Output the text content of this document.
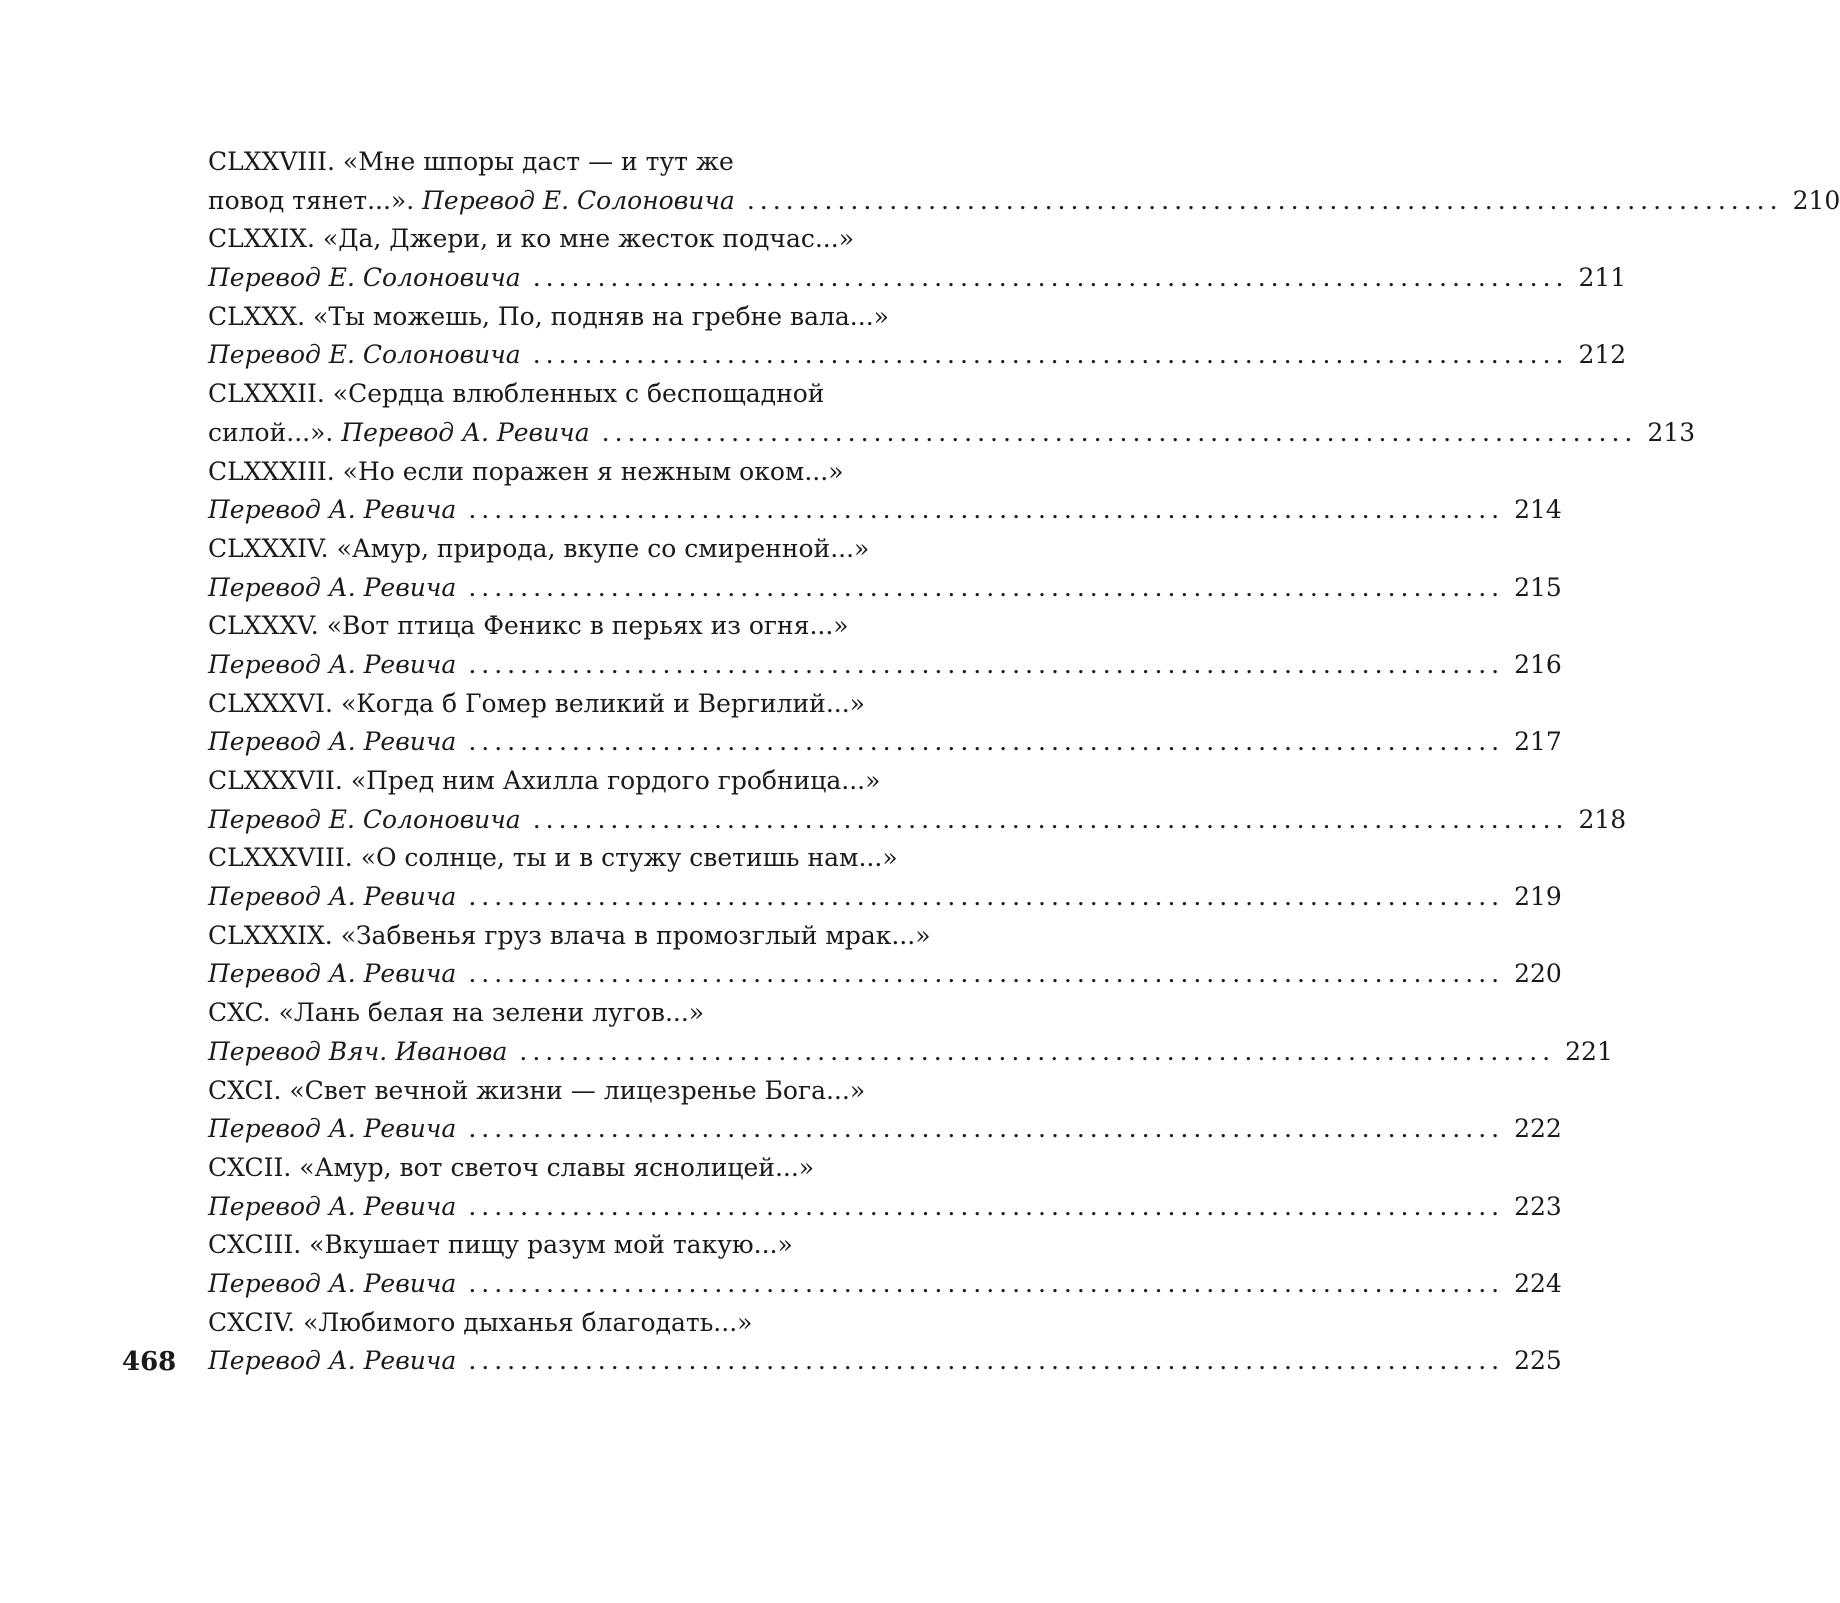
CLXXVIII. «Мне шпоры даст — и тут же
повод тянет...». Перевод Е. Солоновича ................................................................................ 210
CLXXIX. «Да, Джери, и ко мне жесток подчас...»
Перевод Е. Солоновича ................................................................................ 211
CLXXX. «Ты можешь, По, подняв на гребне вала...»
Перевод Е. Солоновича ................................................................................ 212
CLXXXII. «Сердца влюбленных с беспощадной
силой...». Перевод А. Ревича ................................................................................ 213
CLXXXIII. «Но если поражен я нежным оком...»
Перевод А. Ревича ................................................................................ 214
CLXXXIV. «Амур, природа, вкупе со смиренной...»
Перевод А. Ревича ................................................................................ 215
CLXXXV. «Вот птица Феникс в перьях из огня...»
Перевод А. Ревича ................................................................................ 216
CLXXXVI. «Когда б Гомер великий и Вергилий...»
Перевод А. Ревича ................................................................................ 217
CLXXXVII. «Пред ним Ахилла гордого гробница...»
Перевод Е. Солоновича ................................................................................ 218
CLXXXVIII. «О солнце, ты и в стужу светишь нам...»
Перевод А. Ревича ................................................................................ 219
CLXXXIX. «Забвенья груз влача в промозглый мрак...»
Перевод А. Ревича ................................................................................ 220
CXC. «Лань белая на зелени лугов...»
Перевод Вяч. Иванова ................................................................................ 221
CXCI. «Свет вечной жизни — лицезренье Бога...»
Перевод А. Ревича ................................................................................ 222
CXCII. «Амур, вот светоч славы яснолицей...»
Перевод А. Ревича ................................................................................ 223
CXCIII. «Вкушает пищу разум мой такую...»
Перевод А. Ревича ................................................................................ 224
CXCIV. «Любимого дыханья благодать...»
Перевод А. Ревича ................................................................................ 225
468
